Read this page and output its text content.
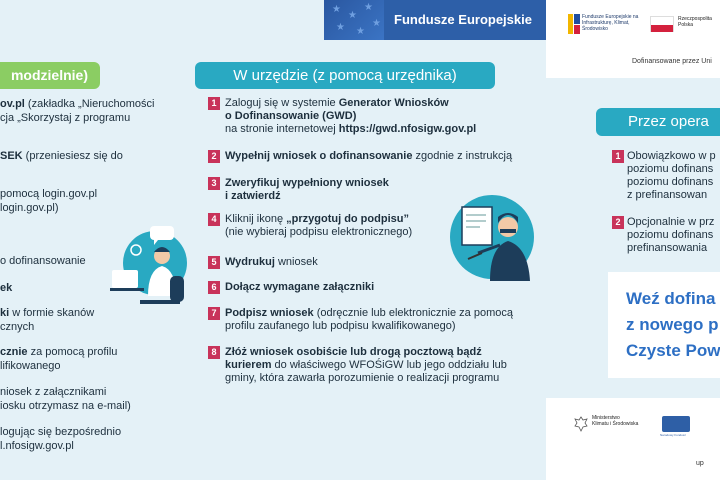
★
★
★
★ ★
★ Fundusze Europejskie	Fundusze Europejskie na Infrastrukturę, Klimat, Środowisko
Rzeczpospolita
Polska
Dofinansowane przez Uni
modzielnie)
ov.pl (zakładka „Nieruchomości
cja „Skorzystaj z programu
SEK (przeniesiesz się do
pomocą login.gov.pl
login.gov.pl)
o dofinansowanie
ek
ki w formie skanów
cznych
cznie za pomocą profilu
lifikowanego
niosek z załącznikami
iosku otrzymasz na e-mail)
logując się bezpośrednio
l.nfosigw.gov.pl
W urzędzie (z pomocą urzędnika)
1 Zaloguj się w systemie Generator Wniosków
o Dofinansowanie (GWD)
na stronie internetowej https://gwd.nfosigw.gov.pl
2 Wypełnij wniosek o dofinansowanie zgodnie z instrukcją
3 Zweryfikuj wypełniony wniosek
i zatwierdź
4 Kliknij ikonę „przygotuj do podpisu”
(nie wybieraj podpisu elektronicznego)
5 Wydrukuj wniosek
6 Dołącz wymagane załączniki
7 Podpisz wniosek (odręcznie lub elektronicznie za pomocą
profilu zaufanego lub podpisu kwalifikowanego)
8 Złóż wniosek osobiście lub drogą pocztową bądź
kurierem do właściwego WFOŚiGW lub jego oddziału lub
gminy, która zawarła porozumienie o realizacji programu
Przez opera
1 Obowiązkowo w p
poziomu dofinans
poziomu dofinans
z prefinansowan
2 Opcjonalnie w prz
poziomu dofinans
prefinansowania
Weź dofina
z nowego p
Czyste Pow
Ministerstwo
Klimatu i Środowiska
Narodowy Fundusz
up
